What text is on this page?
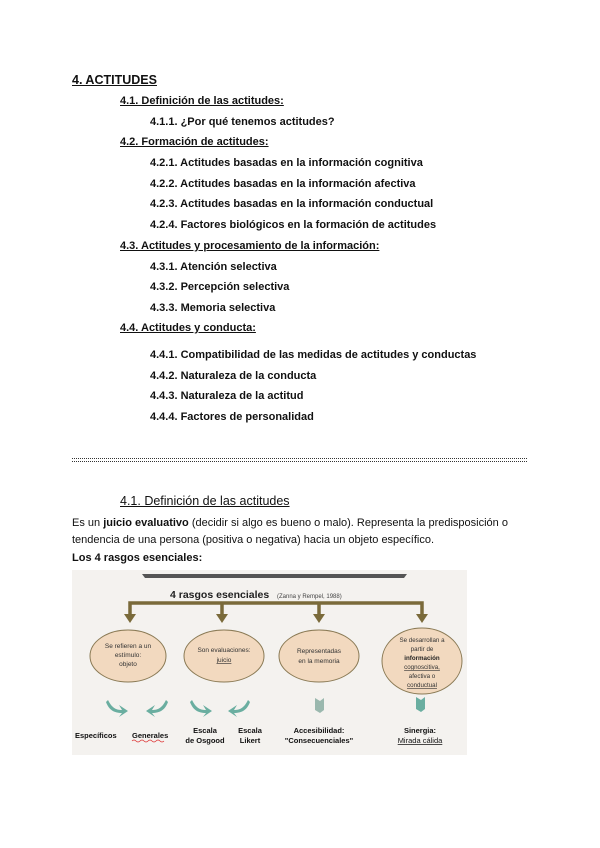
4. ACTITUDES
4.1. Definición de las actitudes:
4.1.1. ¿Por qué tenemos actitudes?
4.2. Formación de actitudes:
4.2.1. Actitudes basadas en la información cognitiva
4.2.2. Actitudes basadas en la información afectiva
4.2.3. Actitudes basadas en la información conductual
4.2.4. Factores biológicos en la formación de actitudes
4.3. Actitudes y procesamiento de la información:
4.3.1. Atención selectiva
4.3.2. Percepción selectiva
4.3.3. Memoria selectiva
4.4. Actitudes y conducta:
4.4.1. Compatibilidad de las medidas de actitudes y conductas
4.4.2. Naturaleza de la conducta
4.4.3. Naturaleza de la actitud
4.4.4. Factores de personalidad
4.1. Definición de las actitudes
Es un juicio evaluativo (decidir si algo es bueno o malo). Representa la predisposición o tendencia de una persona (positiva o negativa) hacia un objeto específico.
Los 4 rasgos esenciales:
4 rasgos esenciales (Zanna y Rempel, 1988)
Se refieren a un
estímulo:
objeto
Son evaluaciones:
juicio
Representadas
en la memoria
Se desarrollan a
partir de
información
cognoscitiva,
afectiva o
conductual
Específicos Generales
Escala
de Osgood
Escala
Likert
Accesibilidad:
"Consecuenciales"
Sinergia:
Mirada cálida
